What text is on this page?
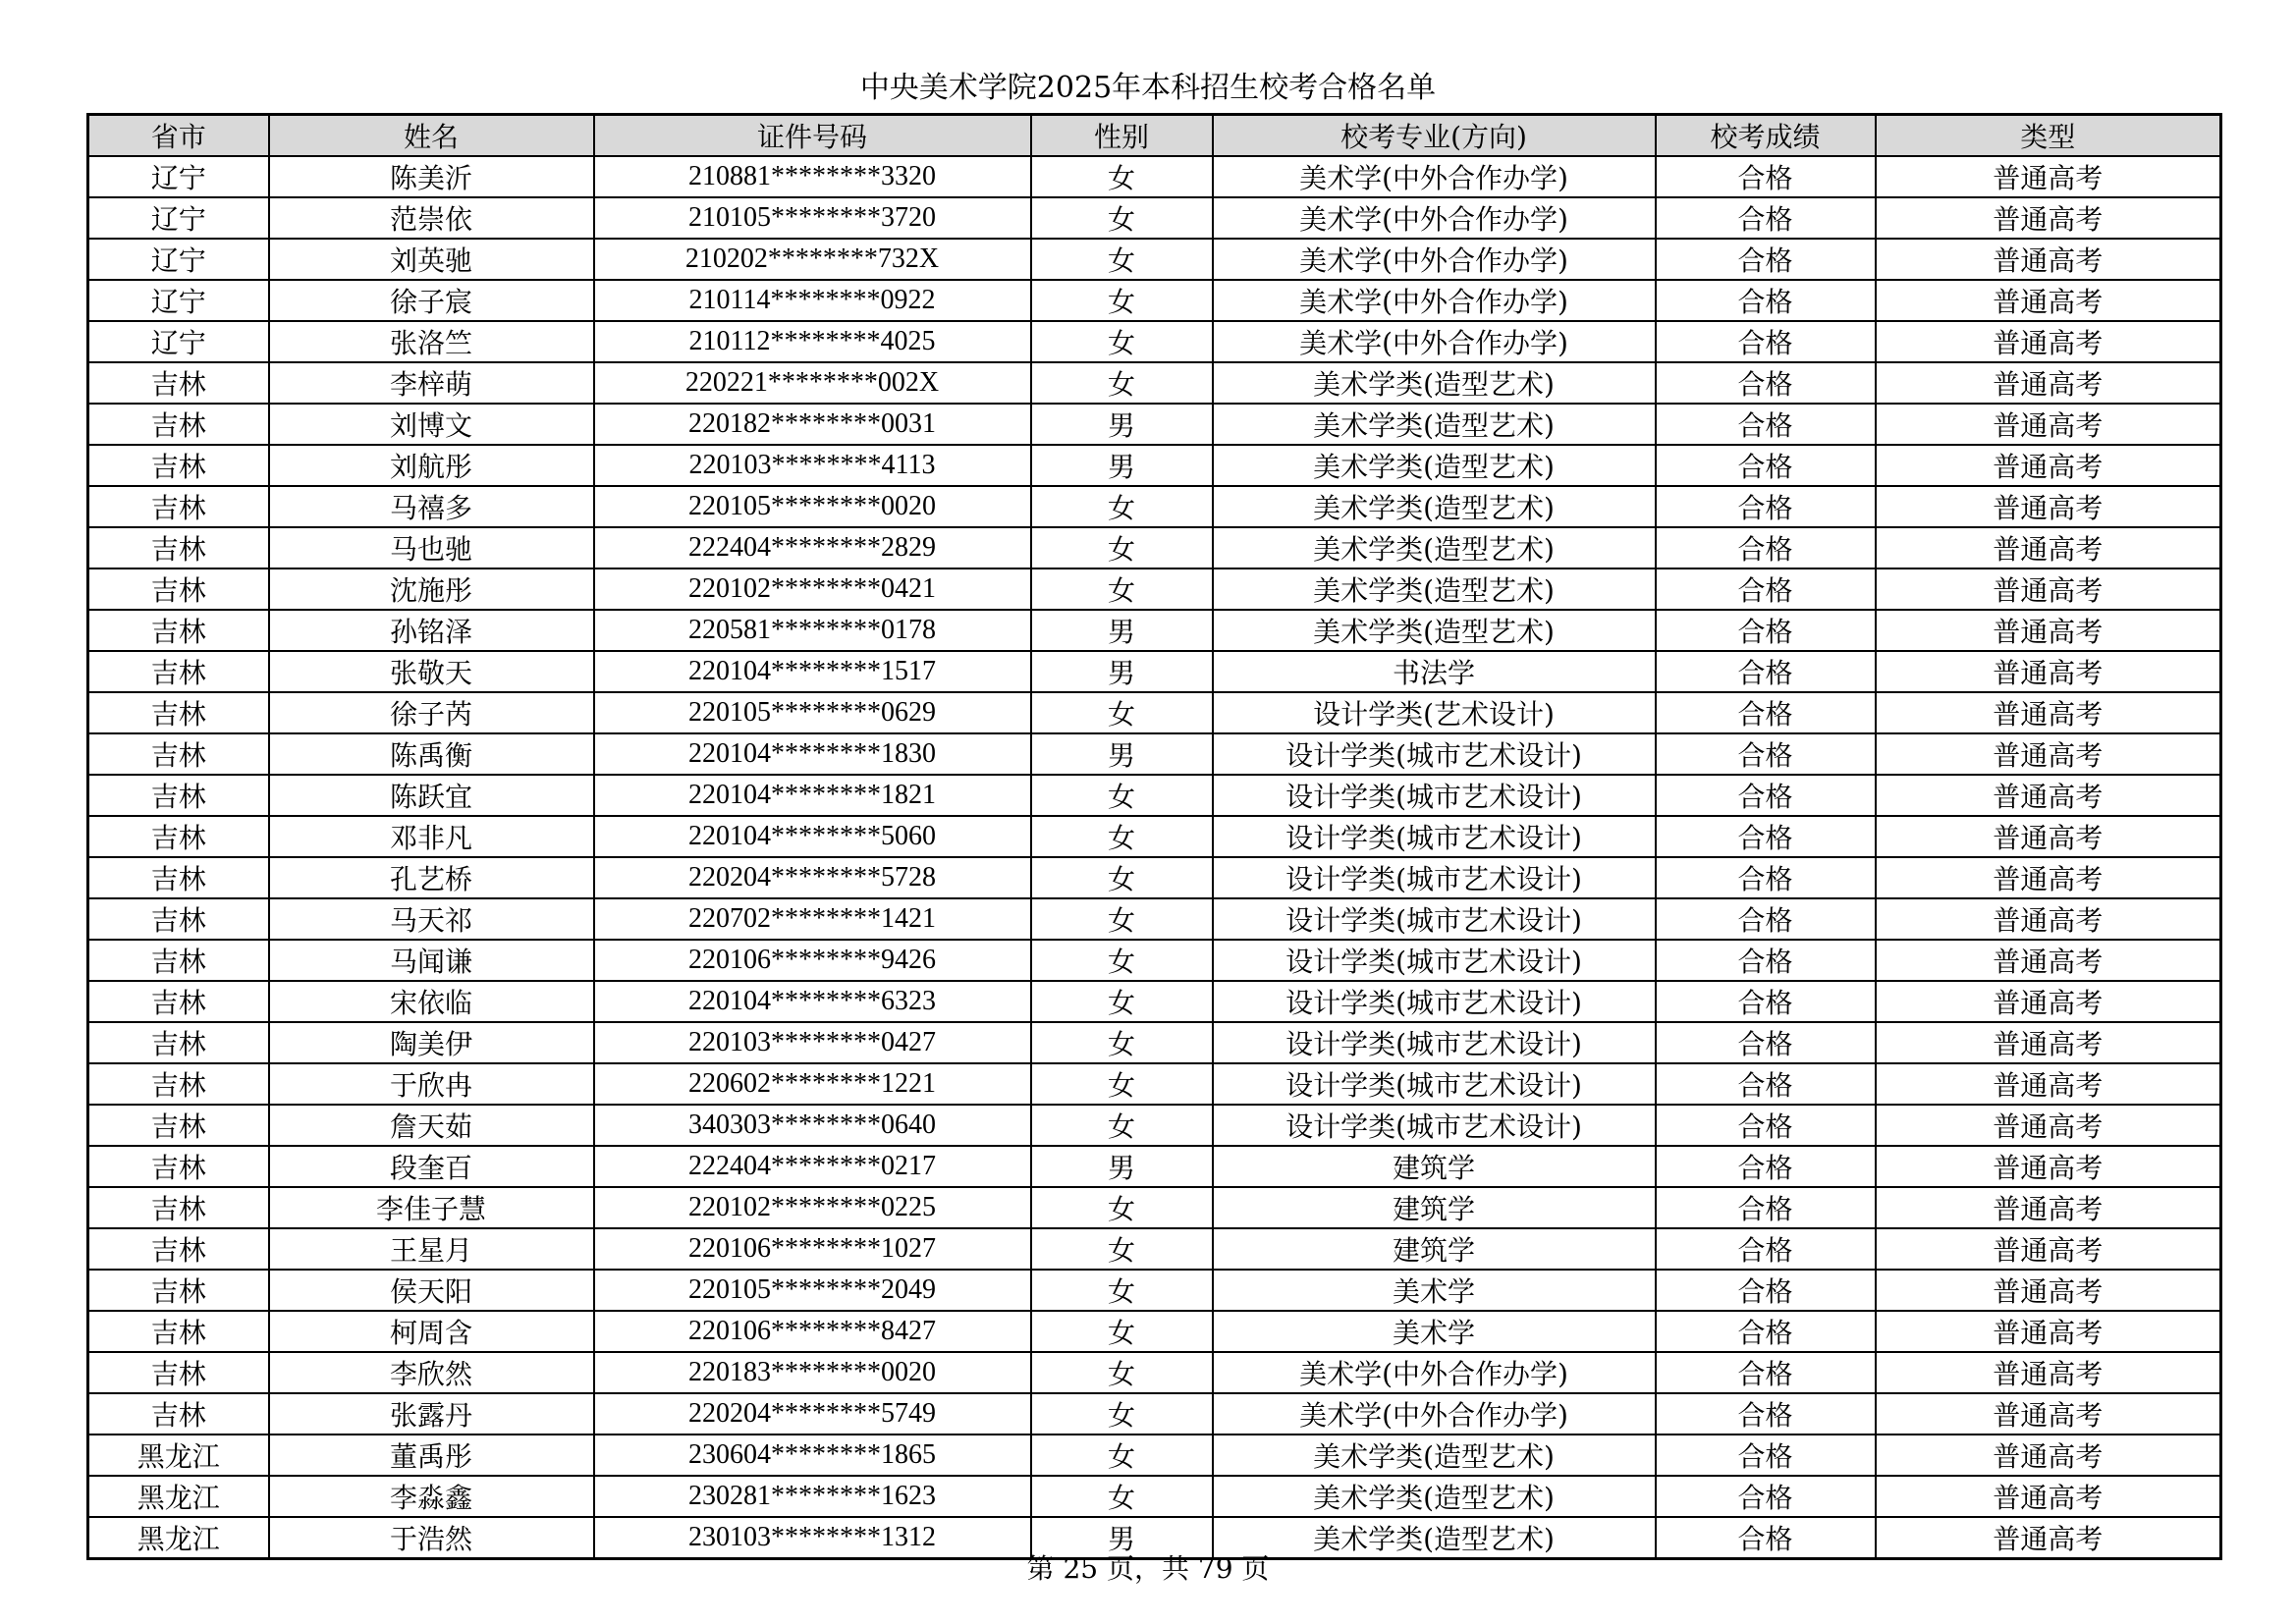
中央美术学院2025年本科招生校考合格名单
省市	姓名	证件号码	性别	校考专业(方向)	校考成绩	类型
辽宁	陈美沂	210881********3320	女	美术学(中外合作办学)	合格	普通高考
辽宁	范崇依	210105********3720	女	美术学(中外合作办学)	合格	普通高考
辽宁	刘英驰	210202********732X	女	美术学(中外合作办学)	合格	普通高考
辽宁	徐子宸	210114********0922	女	美术学(中外合作办学)	合格	普通高考
辽宁	张洛竺	210112********4025	女	美术学(中外合作办学)	合格	普通高考
吉林	李梓萌	220221********002X	女	美术学类(造型艺术)	合格	普通高考
吉林	刘博文	220182********0031	男	美术学类(造型艺术)	合格	普通高考
吉林	刘航彤	220103********4113	男	美术学类(造型艺术)	合格	普通高考
吉林	马禧多	220105********0020	女	美术学类(造型艺术)	合格	普通高考
吉林	马也驰	222404********2829	女	美术学类(造型艺术)	合格	普通高考
吉林	沈施彤	220102********0421	女	美术学类(造型艺术)	合格	普通高考
吉林	孙铭泽	220581********0178	男	美术学类(造型艺术)	合格	普通高考
吉林	张敬天	220104********1517	男	书法学	合格	普通高考
吉林	徐子芮	220105********0629	女	设计学类(艺术设计)	合格	普通高考
吉林	陈禹衡	220104********1830	男	设计学类(城市艺术设计)	合格	普通高考
吉林	陈跃宜	220104********1821	女	设计学类(城市艺术设计)	合格	普通高考
吉林	邓非凡	220104********5060	女	设计学类(城市艺术设计)	合格	普通高考
吉林	孔艺桥	220204********5728	女	设计学类(城市艺术设计)	合格	普通高考
吉林	马天祁	220702********1421	女	设计学类(城市艺术设计)	合格	普通高考
吉林	马闻谦	220106********9426	女	设计学类(城市艺术设计)	合格	普通高考
吉林	宋依临	220104********6323	女	设计学类(城市艺术设计)	合格	普通高考
吉林	陶美伊	220103********0427	女	设计学类(城市艺术设计)	合格	普通高考
吉林	于欣冉	220602********1221	女	设计学类(城市艺术设计)	合格	普通高考
吉林	詹天茹	340303********0640	女	设计学类(城市艺术设计)	合格	普通高考
吉林	段奎百	222404********0217	男	建筑学	合格	普通高考
吉林	李佳子慧	220102********0225	女	建筑学	合格	普通高考
吉林	王星月	220106********1027	女	建筑学	合格	普通高考
吉林	侯天阳	220105********2049	女	美术学	合格	普通高考
吉林	柯周含	220106********8427	女	美术学	合格	普通高考
吉林	李欣然	220183********0020	女	美术学(中外合作办学)	合格	普通高考
吉林	张露丹	220204********5749	女	美术学(中外合作办学)	合格	普通高考
黑龙江	董禹彤	230604********1865	女	美术学类(造型艺术)	合格	普通高考
黑龙江	李淼鑫	230281********1623	女	美术学类(造型艺术)	合格	普通高考
黑龙江	于浩然	230103********1312	男	美术学类(造型艺术)	合格	普通高考
第 25 页，共 79 页
